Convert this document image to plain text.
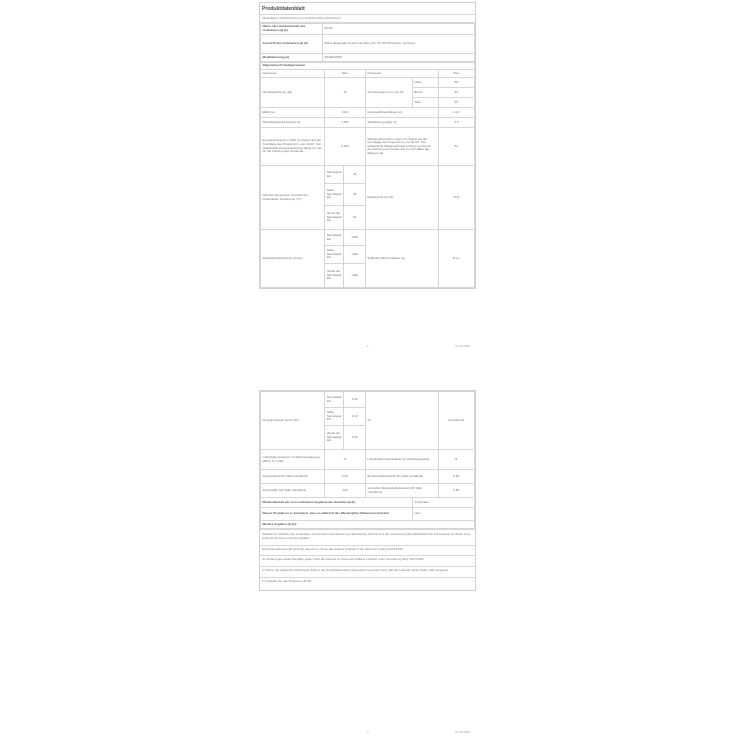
Produktdatenblatt
DELEGIERTE VERORDNUNG (EU) 2019/2014 DER KOMMISSION
Name oder Handelsmarke des Lieferanten (a) (b)	Bosch
Anschrift des Lieferanten (a) (b)	BSH Hausgeräte GmbH Carl-Wery-Str. 34, 81739 Munich, Germany
Modellkennung (a)	WGB2440X0
Allgemeine Produktparameter					
Parameter	Wert		Parameter		Wert
Nennkapazität (a) (kg)	10		Abmessungen in cm (a) (b)	Höhe	85
				Breite	60
				Tiefe	65
EEIW (a)	49,0		Energieeffizienzklasse (a)		A (c)
Waschwirksamkeitsindex (a)	1,031		Spülwirkung (g/kg) (a)		3,9
Energieverbrauch in kWh pro Zyklus auf der Grundlage des Programms „eco 40-60“. Der tatsächliche Energieverbrauch hängt von der Art der Nutzung des Geräts ab.	0,499		Wasserverbrauch in Litern pro Zyklus auf der Grundlage des Programms „eco 40-60“. Der tatsächliche Wasserverbrauch hängt von der Art der Nutzung des Geräts und von der Härte des Wassers ab.		50
Höchste Temperatur innerhalb der behandelten Textilien (a) (°C)	Nennkapazität	32	Restfeuchte (a) (%)		53,9
	halbe Nennkapazität	30			
	Viertel der Nennkapazität	22			
Schleuderdrehzahl (a) (U/min)	Nennkapazität	1400	Schleudereffizienzklasse (a)		B (c)
	halbe Nennkapazität	1400			
	Viertel der Nennkapazität	1400			
1	31.12.2020
Programmdauer (a) (h:min)	Nennkapazität	3:39	Art		Freistehend
	halbe Nennkapazität	3:10			
	Viertel der Nennkapazität	2:50			
Luftschallemissionen im Schleudergang (a) (dB(A) re 1 pW)	71		Luftschallemissionsklasse (a) (Schleudergang)		B
Aus-Zustand (W) (falls zutreffend)	0,50		Bereitschaftszustand (W) (falls zutreffend)		0,50
Zeitvorwahl (W) (falls zutreffend)	4,00		vernetzter Bereitschaftszustand (W) (falls zutreffend)		0,50
Mindestlaufzeit der vom Lieferanten angebotenen Garantie (a) (b)				24 Monate	
Dieses Produkt ist so konzipiert, dass es während des Waschzyklus Silberionen freisetzt				Nein	
Weitere Angaben (a) (b):					
Weblink zur Website des Lieferanten, auf der die Informationen gemäß Anhang II Nummer 9 der Verordnung (EU) 2019/2023 der Kommission zu finden sind, siehe bosch-home.com/energylabel
(a) Dieses Element gilt nicht als relevant im Sinne des Artikels 2 Absatz 6 der Verordnung (EU) 2017/1369.
(b) Änderungen dieser Einträge gelten nicht als relevant im Sinne des Artikels 4 Absatz 4 der Verordnung (EU) 2017/1369.
(c) Wenn die prägende Inhalt dieser Zelle in der Produktdatenbank automatisch generiert wird, darf der Lieferant diese Daten nicht eingeben.
(*) Angaben für das Programm 40-60.
2	31.12.2020
